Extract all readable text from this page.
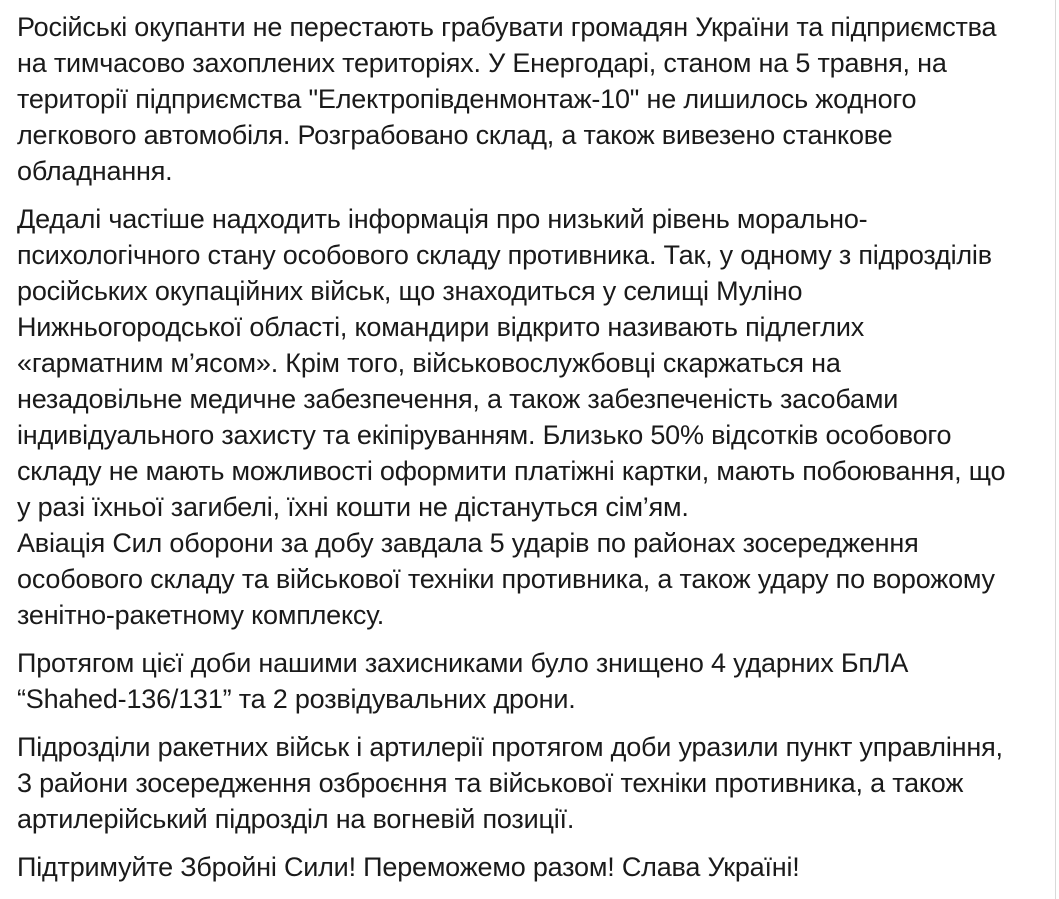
Російські окупанти не перестають грабувати громадян України та підприємства
на тимчасово захоплених територіях. У Енергодарі, станом на 5 травня, на
території підприємства "Електропівденмонтаж-10" не лишилось жодного
легкового автомобіля. Розграбовано склад, а також вивезено станкове
обладнання.
Дедалі частіше надходить інформація про низький рівень морально-
психологічного стану особового складу противника. Так, у одному з підрозділів
російських окупаційних військ, що знаходиться у селищі Муліно
Нижньогородської області, командири відкрито називають підлеглих
«гарматним м’ясом». Крім того, військовослужбовці скаржаться на
незадовільне медичне забезпечення, а також забезпеченість засобами
індивідуального захисту та екіпіруванням. Близько 50% відсотків особового
складу не мають можливості оформити платіжні картки, мають побоювання, що
у разі їхньої загибелі, їхні кошти не дістануться сім’ям.
Авіація Сил оборони за добу завдала 5 ударів по районах зосередження
особового складу та військової техніки противника, а також удару по ворожому
зенітно-ракетному комплексу.
Протягом цієї доби нашими захисниками було знищено 4 ударних БпЛА
“Shahed-136/131” та 2 розвідувальних дрони.
Підрозділи ракетних військ і артилерії протягом доби уразили пункт управління,
3 райони зосередження озброєння та військової техніки противника, а також
артилерійський підрозділ на вогневій позиції.
Підтримуйте Збройні Сили! Переможемо разом! Слава Україні!
